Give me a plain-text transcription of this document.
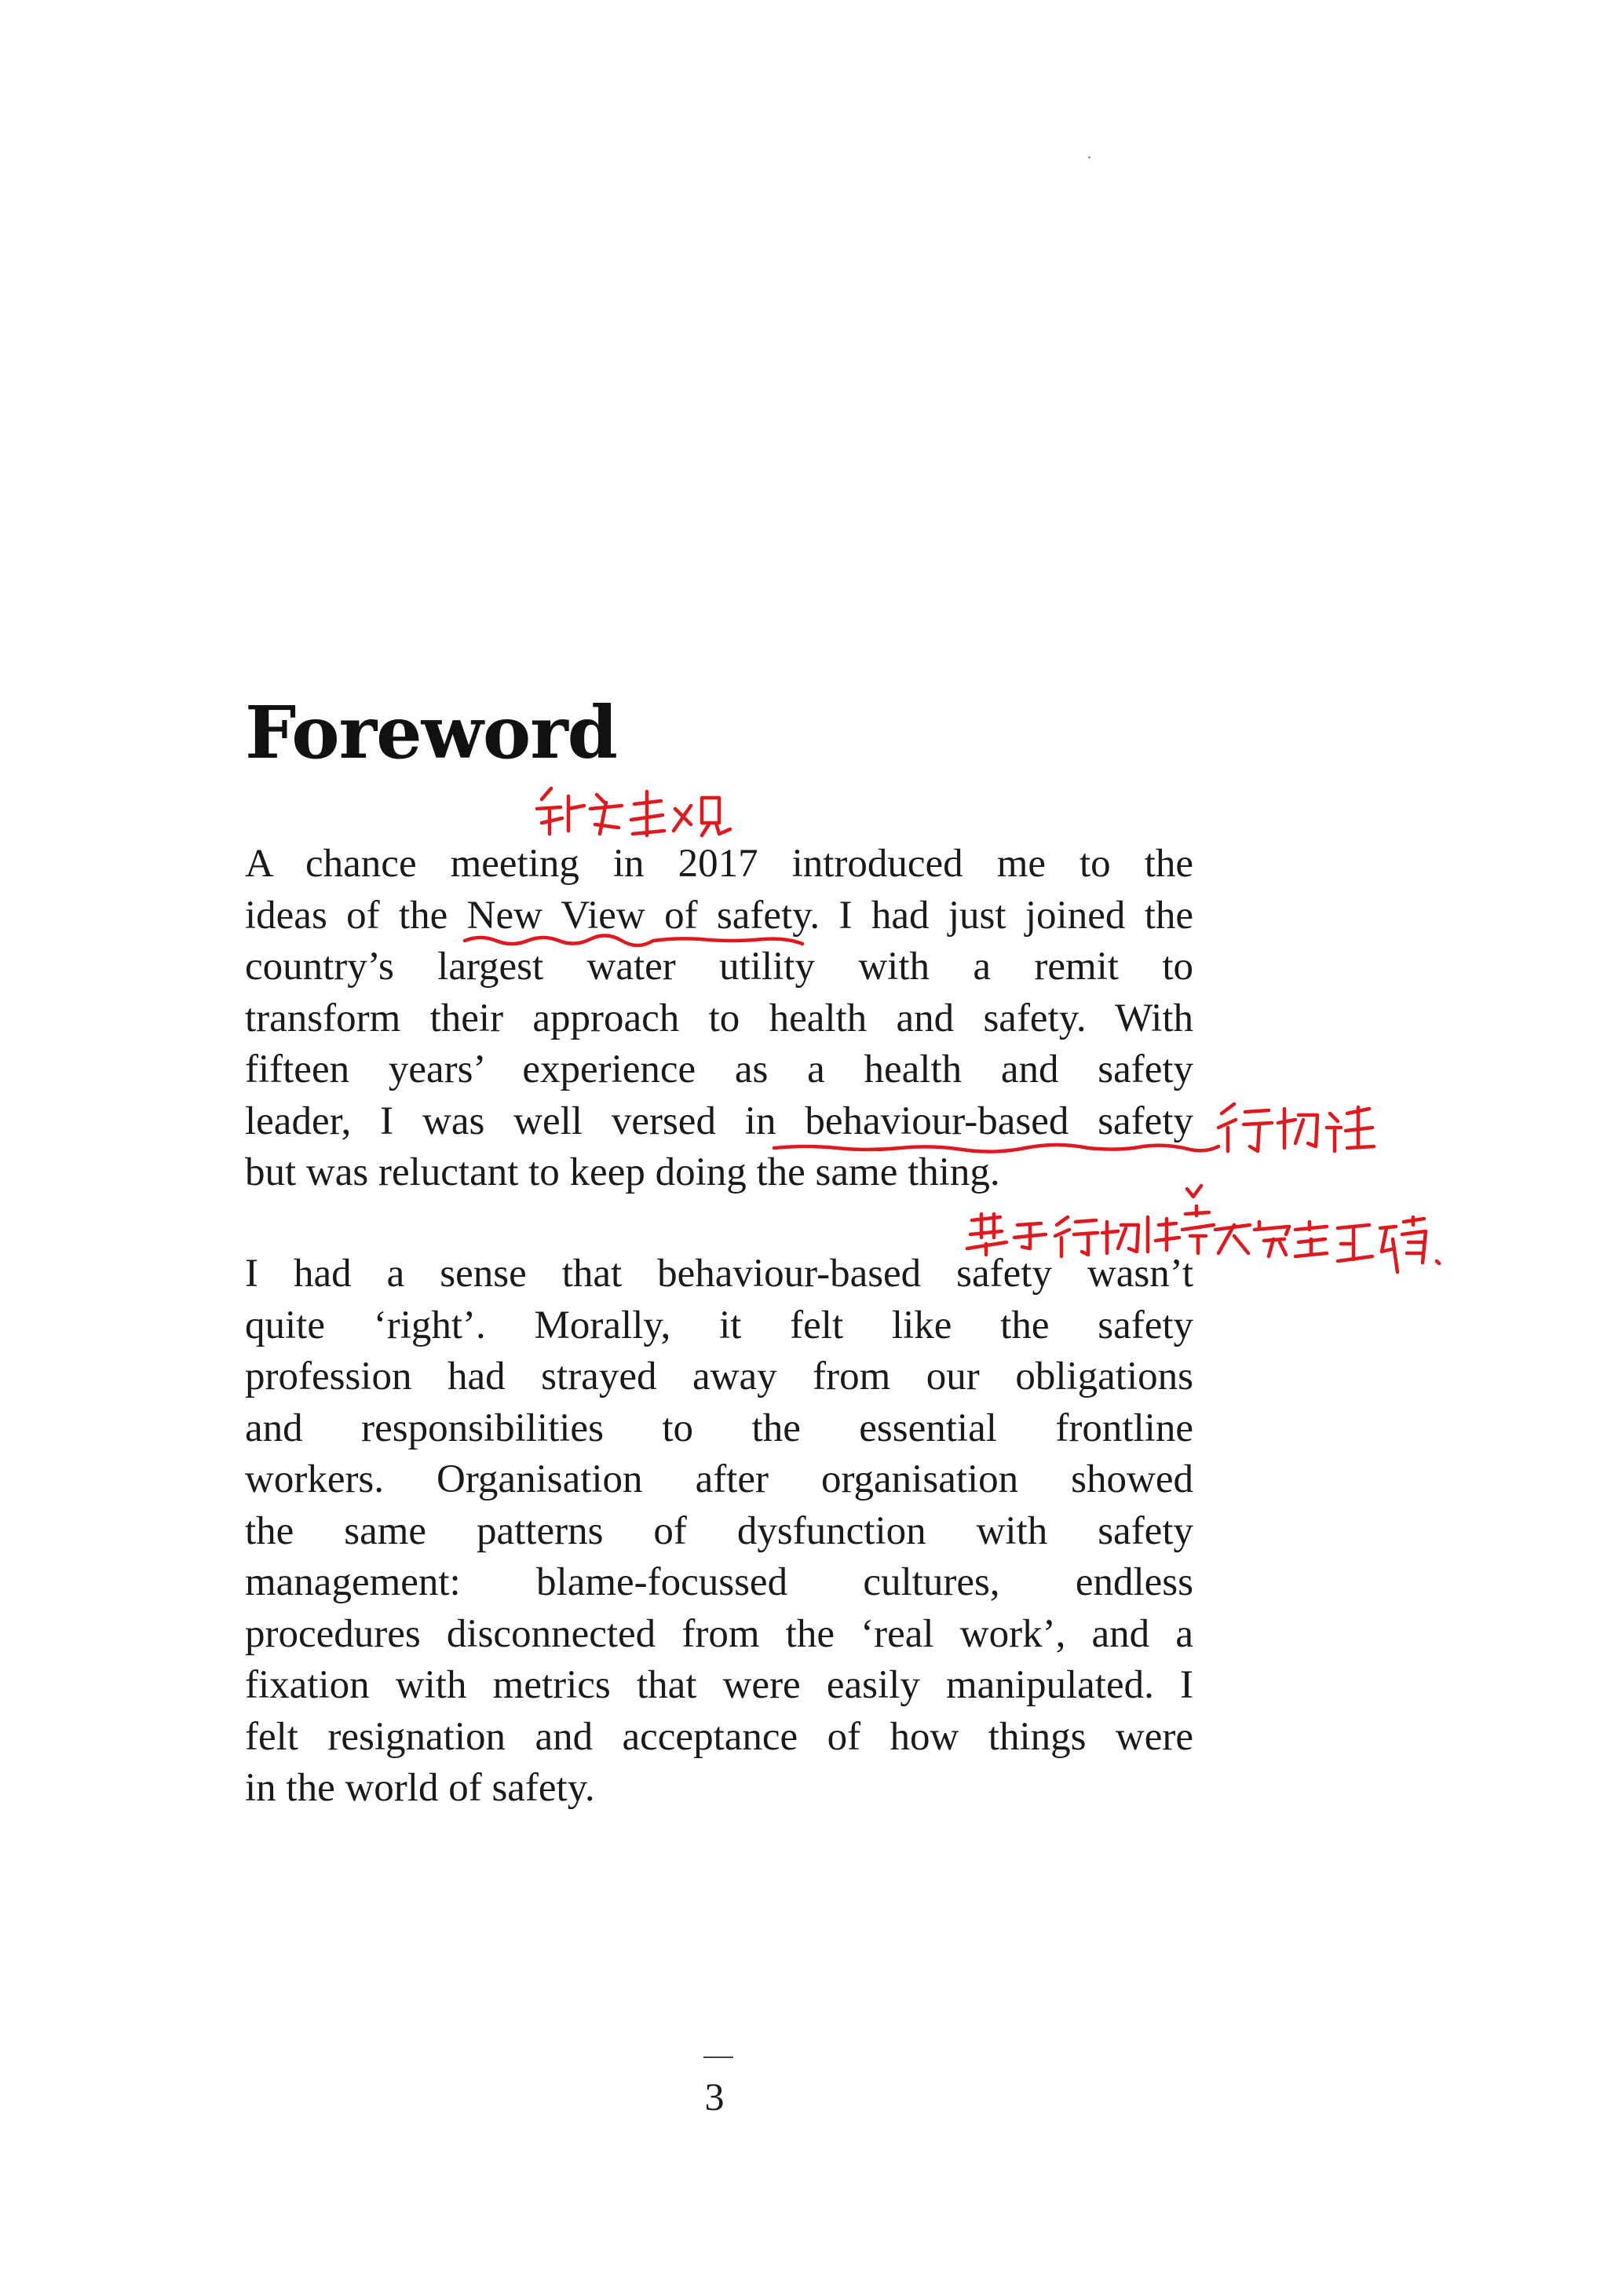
Foreword
A chance meeting in 2017 introduced me to the
ideas of the New View of safety. I had just joined the
country’s largest water utility with a remit to
transform their approach to health and safety. With
fifteen years’ experience as a health and safety
leader, I was well versed in behaviour-based safety
but was reluctant to keep doing the same thing.
I had a sense that behaviour-based safety wasn’t
quite ‘right’. Morally, it felt like the safety
profession had strayed away from our obligations
and responsibilities to the essential frontline
workers. Organisation after organisation showed
the same patterns of dysfunction with safety
management: blame-focussed cultures, endless
procedures disconnected from the ‘real work’, and a
fixation with metrics that were easily manipulated. I
felt resignation and acceptance of how things were
in the world of safety.
3
